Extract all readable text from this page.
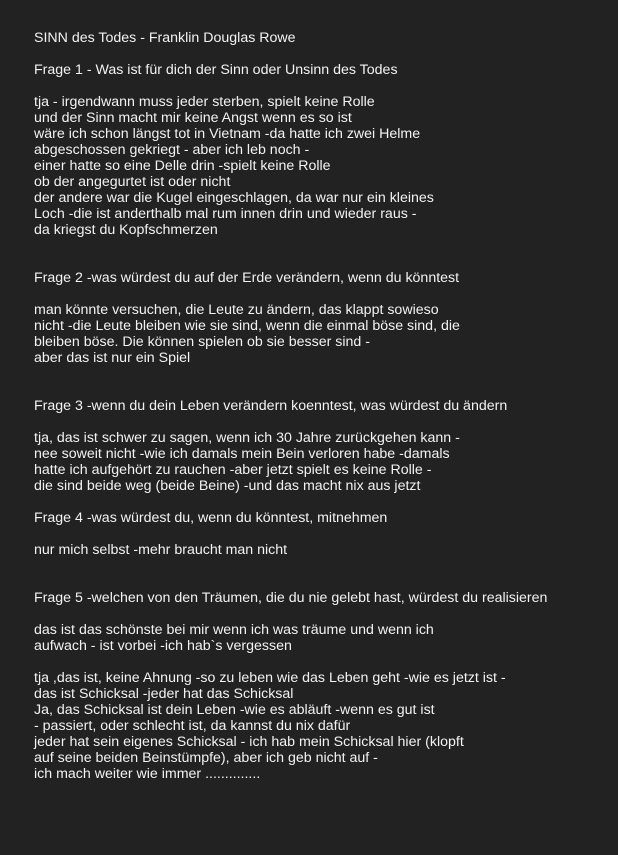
SINN des Todes - Franklin Douglas Rowe

Frage 1 - Was ist für dich der Sinn oder Unsinn des Todes

tja - irgendwann muss jeder sterben, spielt keine Rolle

und der Sinn macht mir keine Angst wenn es so ist

wäre ich schon längst tot in Vietnam -da hatte ich zwei Helme

abgeschossen gekriegt - aber ich leb noch -

einer hatte so eine Delle drin -spielt keine Rolle

ob der angegurtet ist oder nicht

der andere war die Kugel eingeschlagen, da war nur ein kleines

Loch -die ist anderthalb mal rum innen drin und wieder raus -

da kriegst du Kopfschmerzen

Frage 2 -was würdest du auf der Erde verändern, wenn du könntest

man könnte versuchen, die Leute zu ändern, das klappt sowieso

nicht -die Leute bleiben wie sie sind, wenn die einmal böse sind, die

bleiben böse. Die können spielen ob sie besser sind -

aber das ist nur ein Spiel

Frage 3 -wenn du dein Leben verändern koenntest, was würdest du ändern

tja, das ist schwer zu sagen, wenn ich 30 Jahre zurückgehen kann -

nee soweit nicht -wie ich damals mein Bein verloren habe -damals

hatte ich aufgehört zu rauchen -aber jetzt spielt es keine Rolle -

die sind beide weg (beide Beine) -und das macht nix aus jetzt

Frage 4 -was würdest du, wenn du könntest, mitnehmen

nur mich selbst -mehr braucht man nicht

Frage 5 -welchen von den Träumen, die du nie gelebt hast, würdest du realisieren

das ist das schönste bei mir wenn ich was träume und wenn ich

aufwach - ist vorbei -ich hab`s vergessen

tja ,das ist, keine Ahnung -so zu leben wie das Leben geht -wie es jetzt ist -

das ist Schicksal -jeder hat das Schicksal

Ja, das Schicksal ist dein Leben -wie es abläuft -wenn es gut ist

- passiert, oder schlecht ist, da kannst du nix dafür

jeder hat sein eigenes Schicksal - ich hab mein Schicksal hier (klopft

auf seine beiden Beinstümpfe), aber ich geb nicht auf -

ich mach weiter wie immer ..............
